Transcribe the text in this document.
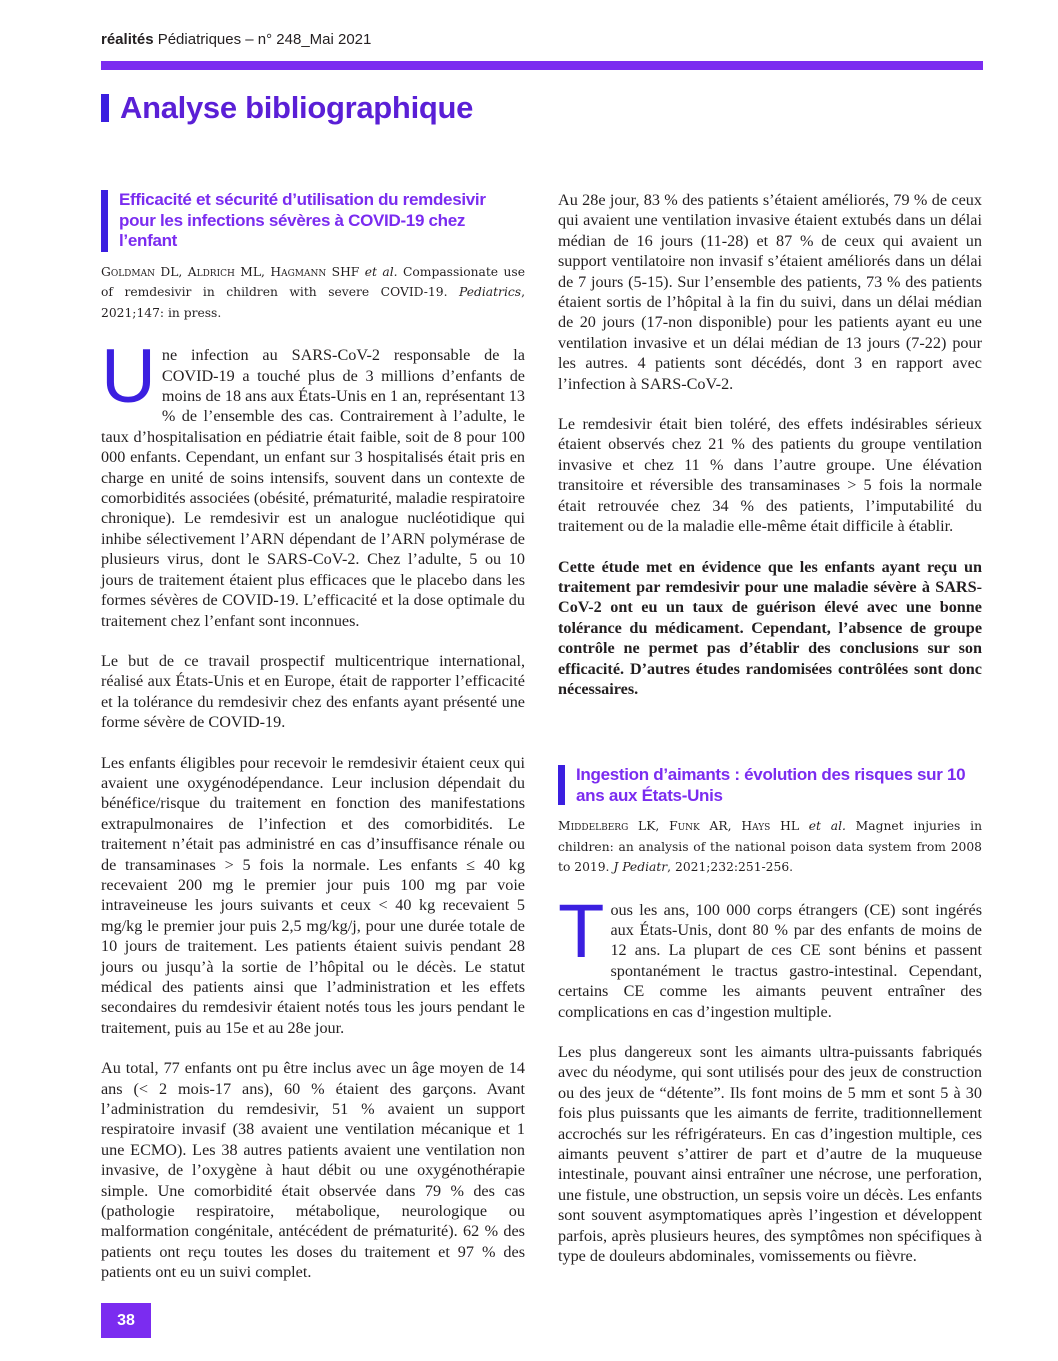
réalités Pédiatriques – n° 248_Mai 2021
Analyse bibliographique
Efficacité et sécurité d’utilisation du remdesivir pour les infections sévères à COVID-19 chez l’enfant

Goldman DL, Aldrich ML, Hagmann SHF et al. Compassionate use of remdesivir in children with severe COVID-19. Pediatrics, 2021;147: in press.

Une infection au SARS-CoV-2 responsable de la COVID-19 a touché plus de 3 millions d’enfants de moins de 18 ans aux États-Unis en 1 an, représentant 13 % de l’ensemble des cas. Contrairement à l’adulte, le taux d’hospitalisation en pédiatrie était faible, soit de 8 pour 100 000 enfants. Cependant, un enfant sur 3 hospitalisés était pris en charge en unité de soins intensifs, souvent dans un contexte de comorbidités associées (obésité, prématurité, maladie respiratoire chronique). Le remdesivir est un analogue nucléotidique qui inhibe sélectivement l’ARN dépendant de l’ARN polymérase de plusieurs virus, dont le SARS-CoV-2. Chez l’adulte, 5 ou 10 jours de traitement étaient plus efficaces que le placebo dans les formes sévères de COVID-19. L’efficacité et la dose optimale du traitement chez l’enfant sont inconnues.

Le but de ce travail prospectif multicentrique international, réalisé aux États-Unis et en Europe, était de rapporter l’efficacité et la tolérance du remdesivir chez des enfants ayant présenté une forme sévère de COVID-19.

Les enfants éligibles pour recevoir le remdesivir étaient ceux qui avaient une oxygénodépendance. Leur inclusion dépendait du bénéfice/risque du traitement en fonction des manifestations extrapulmonaires de l’infection et des comorbidités. Le traitement n’était pas administré en cas d’insuffisance rénale ou de transaminases > 5 fois la normale. Les enfants ≤ 40 kg recevaient 200 mg le premier jour puis 100 mg par voie intraveineuse les jours suivants et ceux < 40 kg recevaient 5 mg/kg le premier jour puis 2,5 mg/kg/j, pour une durée totale de 10 jours de traitement. Les patients étaient suivis pendant 28 jours ou jusqu’à la sortie de l’hôpital ou le décès. Le statut médical des patients ainsi que l’administration et les effets secondaires du remdesivir étaient notés tous les jours pendant le traitement, puis au 15e et au 28e jour.

Au total, 77 enfants ont pu être inclus avec un âge moyen de 14 ans (< 2 mois-17 ans), 60 % étaient des garçons. Avant l’administration du remdesivir, 51 % avaient un support respiratoire invasif (38 avaient une ventilation mécanique et 1 une ECMO). Les 38 autres patients avaient une ventilation non invasive, de l’oxygène à haut débit ou une oxygénothérapie simple. Une comorbidité était observée dans 79 % des cas (pathologie respiratoire, métabolique, neurologique ou malformation congénitale, antécédent de prématurité). 62 % des patients ont reçu toutes les doses du traitement et 97 % des patients ont eu un suivi complet.

Au 28e jour, 83 % des patients s’étaient améliorés, 79 % de ceux qui avaient une ventilation invasive étaient extubés dans un délai médian de 16 jours (11-28) et 87 % de ceux qui avaient un support ventilatoire non invasif s’étaient améliorés dans un délai de 7 jours (5-15). Sur l’ensemble des patients, 73 % des patients étaient sortis de l’hôpital à la fin du suivi, dans un délai médian de 20 jours (17-non disponible) pour les patients ayant eu une ventilation invasive et un délai médian de 13 jours (7-22) pour les autres. 4 patients sont décédés, dont 3 en rapport avec l’infection à SARS-CoV-2.

Le remdesivir était bien toléré, des effets indésirables sérieux étaient observés chez 21 % des patients du groupe ventilation invasive et chez 11 % dans l’autre groupe. Une élévation transitoire et réversible des transaminases > 5 fois la normale était retrouvée chez 34 % des patients, l’imputabilité du traitement ou de la maladie elle-même était difficile à établir.

Cette étude met en évidence que les enfants ayant reçu un traitement par remdesivir pour une maladie sévère à SARS-CoV-2 ont eu un taux de guérison élevé avec une bonne tolérance du médicament. Cependant, l’absence de groupe contrôle ne permet pas d’établir des conclusions sur son efficacité. D’autres études randomisées contrôlées sont donc nécessaires.

Ingestion d’aimants : évolution des risques sur 10 ans aux États-Unis

Middelberg LK, Funk AR, Hays HL et al. Magnet injuries in children: an analysis of the national poison data system from 2008 to 2019. J Pediatr, 2021;232:251-256.

Tous les ans, 100 000 corps étrangers (CE) sont ingérés aux États-Unis, dont 80 % par des enfants de moins de 12 ans. La plupart de ces CE sont bénins et passent spontanément le tractus gastro-intestinal. Cependant, certains CE comme les aimants peuvent entraîner des complications en cas d’ingestion multiple.

Les plus dangereux sont les aimants ultra-puissants fabriqués avec du néodyme, qui sont utilisés pour des jeux de construction ou des jeux de “détente”. Ils font moins de 5 mm et sont 5 à 30 fois plus puissants que les aimants de ferrite, traditionnellement accrochés sur les réfrigérateurs. En cas d’ingestion multiple, ces aimants peuvent s’attirer de part et d’autre de la muqueuse intestinale, pouvant ainsi entraîner une nécrose, une perforation, une fistule, une obstruction, un sepsis voire un décès. Les enfants sont souvent asymptomatiques après l’ingestion et développent parfois, après plusieurs heures, des symptômes non spécifiques à type de douleurs abdominales, vomissements ou fièvre.

38
